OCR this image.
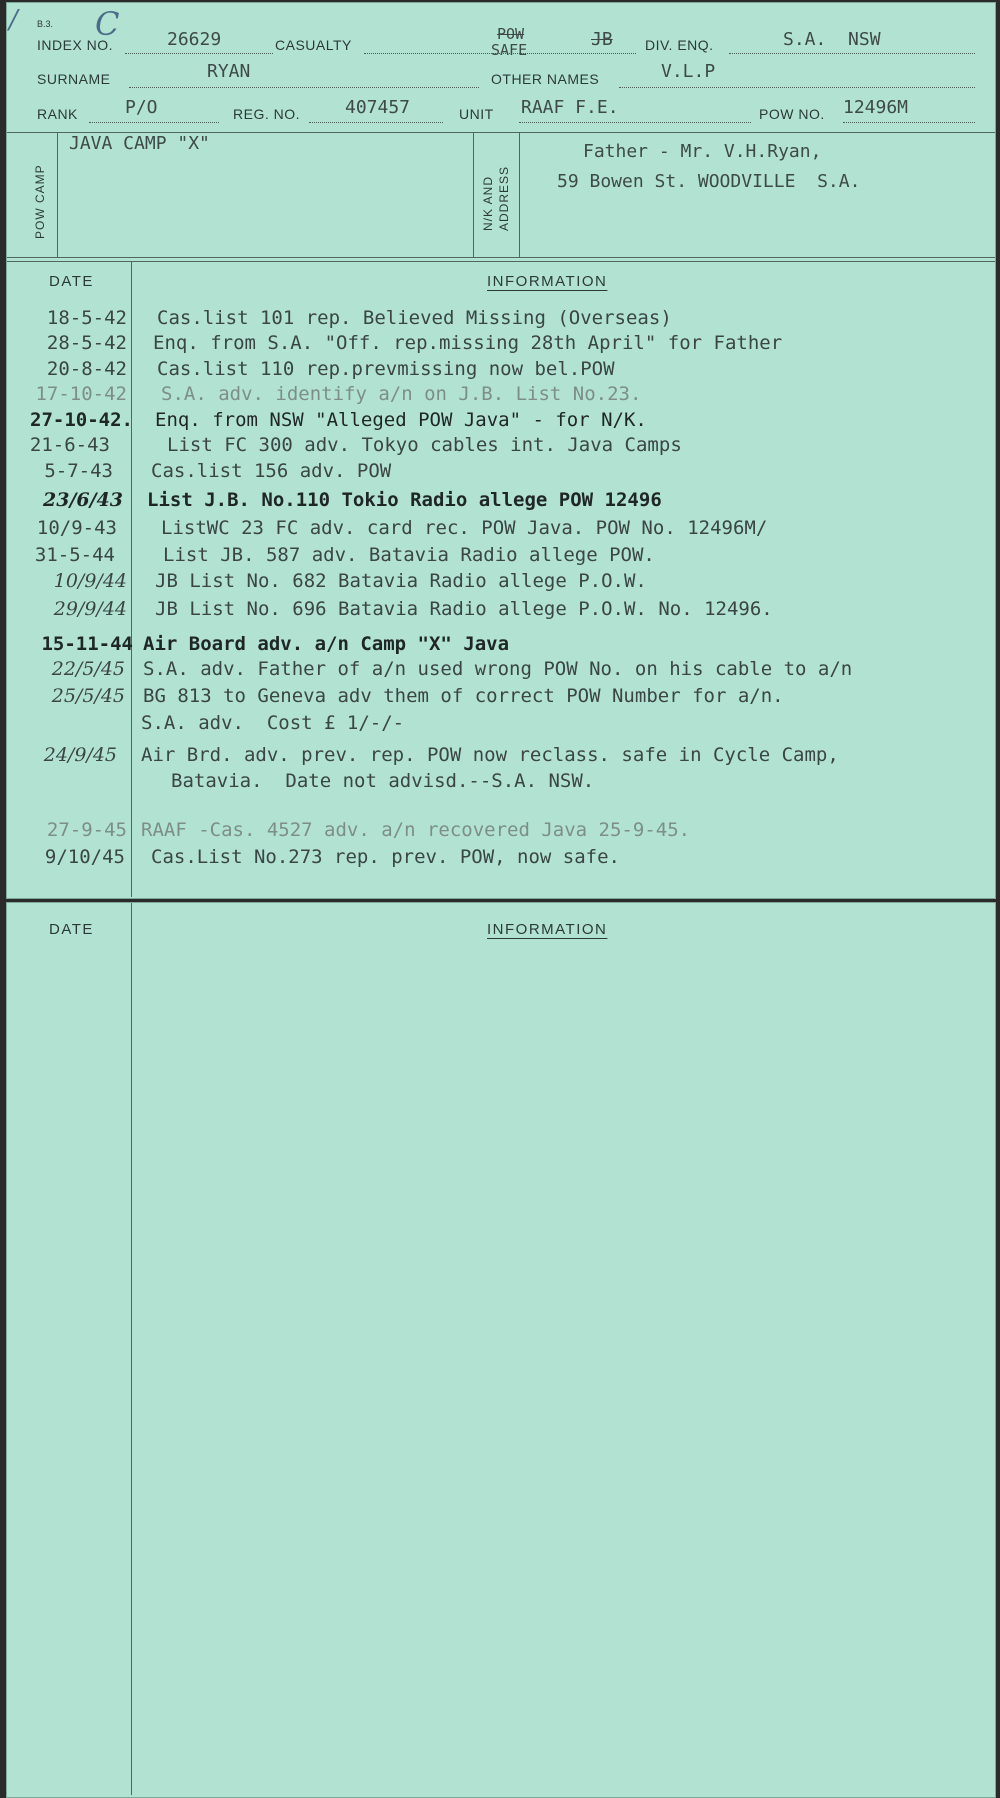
/ C
B.3.
INDEX NO.	26629	CASUALTY
POW
SAFE	JB DIV. ENQ.	S.A.  NSW
SURNAME	RYAN	OTHER NAMES	V.L.P
RANK	P/O	REG. NO. 407457	UNIT RAAF F.E.	POW NO. 12496M
POW CAMP
JAVA CAMP "X"
N/K AND ADDRESS
Father - Mr. V.H.Ryan,
59 Bowen St. WOODVILLE  S.A.
DATE	INFORMATION
18-5-42 Cas.list 101 rep. Believed Missing (Overseas)
28-5-42 Enq. from S.A. "Off. rep.missing 28th April" for Father
20-8-42 Cas.list 110 rep.prevmissing now bel.POW
17-10-42 S.A. adv. identify a/n on J.B. List No.23.
27-10-42. Enq. from NSW "Alleged POW Java" - for N/K.
21-6-43	List FC 300 adv. Tokyo cables int. Java Camps
5-7-43 Cas.list 156 adv. POW
23/6/43 List J.B. No.110 Tokio Radio allege POW 12496
10/9-43 ListWC 23 FC adv. card rec. POW Java. POW No. 12496M/
31-5-44	List JB. 587 adv. Batavia Radio allege POW.
10/9/44 JB List No. 682 Batavia Radio allege P.O.W.
29/9/44 JB List No. 696 Batavia Radio allege P.O.W. No. 12496.
15-11-44 Air Board adv. a/n Camp "X" Java
22/5/45 S.A. adv. Father of a/n used wrong POW No. on his cable to a/n
25/5/45 BG 813 to Geneva adv them of correct POW Number for a/n.
S.A. adv.  Cost £ 1/-/-
24/9/45 Air Brd. adv. prev. rep. POW now reclass. safe in Cycle Camp,
Batavia.  Date not advisd.--S.A. NSW.
27-9-45 RAAF -Cas. 4527 adv. a/n recovered Java 25-9-45.
9/10/45 Cas.List No.273 rep. prev. POW, now safe.
DATE	INFORMATION
